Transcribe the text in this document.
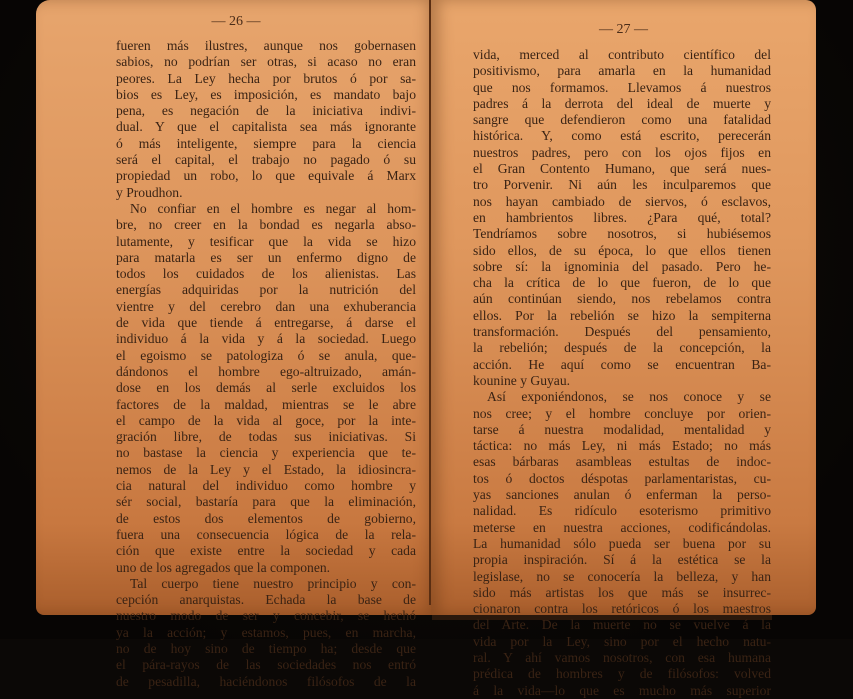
— 26 —
fueren más ilustres, aunque nos gobernasen
sabios, no podrían ser otras, si acaso no eran
peores. La Ley hecha por brutos ó por sa-
bios es Ley, es imposición, es mandato bajo
pena, es negación de la iniciativa indivi-
dual. Y que el capitalista sea más ignorante
ó más inteligente, siempre para la ciencia
será el capital, el trabajo no pagado ó su
propiedad un robo, lo que equivale á Marx
y Proudhon.
No confiar en el hombre es negar al hom-
bre, no creer en la bondad es negarla abso-
lutamente, y tesificar que la vida se hizo
para matarla es ser un enfermo digno de
todos los cuidados de los alienistas. Las
energías adquiridas por la nutrición del
vientre y del cerebro dan una exhuberancia
de vida que tiende á entregarse, á darse el
individuo á la vida y á la sociedad. Luego
el egoismo se patologiza ó se anula, que-
dándonos el hombre ego-altruizado, amán-
dose en los demás al serle excluidos los
factores de la maldad, mientras se le abre
el campo de la vida al goce, por la inte-
gración libre, de todas sus iniciativas. Si
no bastase la ciencia y experiencia que te-
nemos de la Ley y el Estado, la idiosincra-
cia natural del individuo como hombre y
sér social, bastaría para que la eliminación,
de estos dos elementos de gobierno,
fuera una consecuencia lógica de la rela-
ción que existe entre la sociedad y cada
uno de los agregados que la componen.
Tal cuerpo tiene nuestro principio y con-
cepción anarquistas. Echada la base de
nuestro modo de ser y concebir, se hechó
ya la acción; y estamos, pues, en marcha,
no de hoy sino de tiempo ha; desde que
el pára-rayos de las sociedades nos entró
de pesadilla, haciéndonos filósofos de la
— 27 —
vida, merced al contributo científico del
positivismo, para amarla en la humanidad
que nos formamos. Llevamos á nuestros
padres á la derrota del ideal de muerte y
sangre que defendieron como una fatalidad
histórica. Y, como está escrito, perecerán
nuestros padres, pero con los ojos fijos en
el Gran Contento Humano, que será nues-
tro Porvenir. Ni aún les inculparemos que
nos hayan cambiado de siervos, ó esclavos,
en hambrientos libres. ¿Para qué, total?
Tendríamos sobre nosotros, si hubiésemos
sido ellos, de su época, lo que ellos tienen
sobre sí: la ignominia del pasado. Pero he-
cha la crítica de lo que fueron, de lo que
aún continúan siendo, nos rebelamos contra
ellos. Por la rebelión se hizo la sempiterna
transformación. Después del pensamiento,
la rebelión; después de la concepción, la
acción. He aquí como se encuentran Ba-
kounine y Guyau.
Así exponiéndonos, se nos conoce y se
nos cree; y el hombre concluye por orien-
tarse á nuestra modalidad, mentalidad y
táctica: no más Ley, ni más Estado; no más
esas bárbaras asambleas estultas de indoc-
tos ó doctos déspotas parlamentaristas, cu-
yas sanciones anulan ó enferman la perso-
nalidad. Es ridículo esoterismo primitivo
meterse en nuestra acciones, codificándolas.
La humanidad sólo pueda ser buena por su
propia inspiración. Sí á la estética se la
legislase, no se conocería la belleza, y han
sido más artistas los que más se insurrec-
cionaron contra los retóricos ó los maestros
del Arte. De la muerte no se vuelve á la
vida por la Ley, sino por el hecho natu-
ral. Y ahí vamos nosotros, con esa humana
prédica de hombres y de filósofos: volved
á la vida—lo que es mucho más superior
